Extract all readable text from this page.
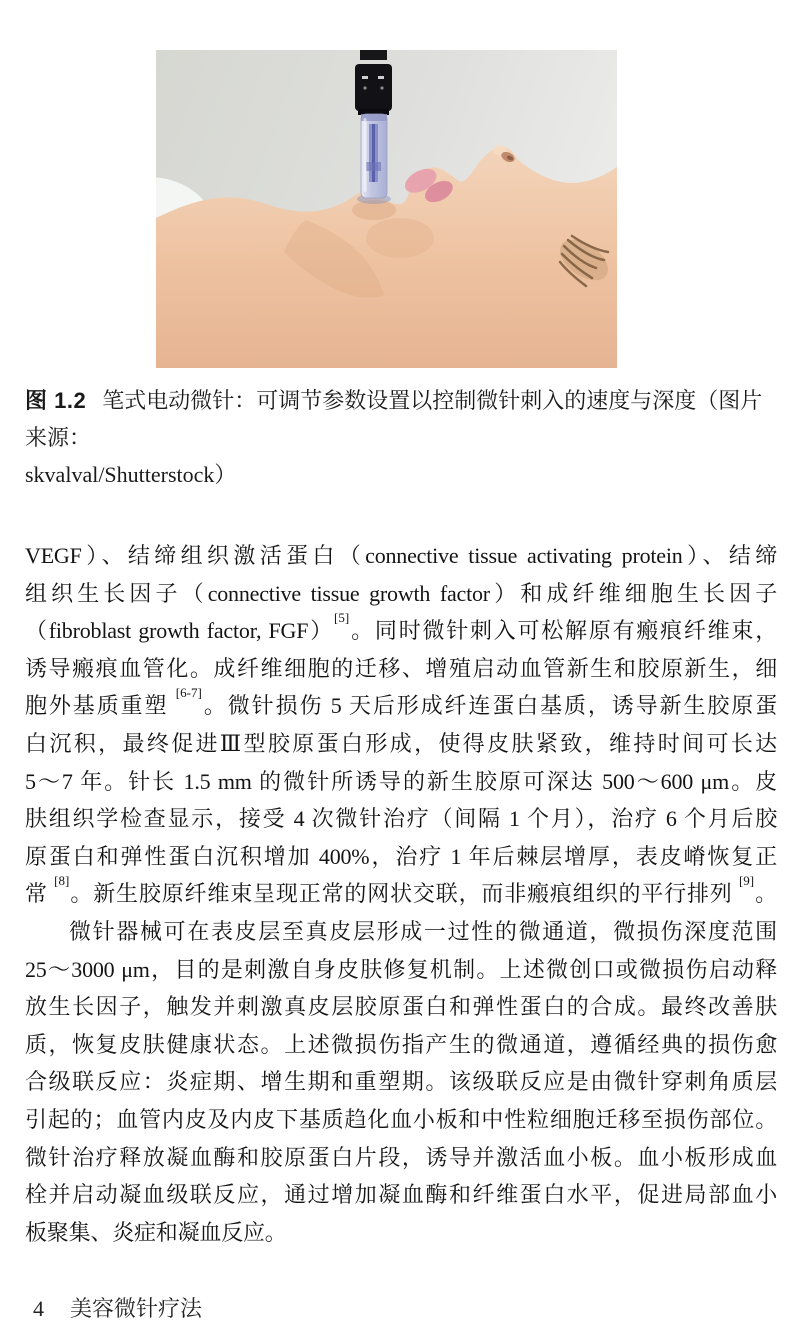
图 1.2 笔式电动微针：可调节参数设置以控制微针刺入的速度与深度（图片来源：
skvalval/Shutterstock）
VEGF）、结缔组织激活蛋白（connective tissue activating protein）、结缔
组织生长因子（connective tissue growth factor）和成纤维细胞生长因子
（fibroblast growth factor, FGF）[5]。同时微针刺入可松解原有瘢痕纤维束，
诱导瘢痕血管化。成纤维细胞的迁移、增殖启动血管新生和胶原新生，细
胞外基质重塑 [6-7]。微针损伤 5 天后形成纤连蛋白基质，诱导新生胶原蛋
白沉积，最终促进Ⅲ型胶原蛋白形成，使得皮肤紧致，维持时间可长达
5～7 年。针长 1.5 mm 的微针所诱导的新生胶原可深达 500～600 μm。皮
肤组织学检查显示，接受 4 次微针治疗（间隔 1 个月），治疗 6 个月后胶
原蛋白和弹性蛋白沉积增加 400%，治疗 1 年后棘层增厚，表皮嵴恢复正
常 [8]。新生胶原纤维束呈现正常的网状交联，而非瘢痕组织的平行排列 [9]。
微针器械可在表皮层至真皮层形成一过性的微通道，微损伤深度范围
25～3000 μm，目的是刺激自身皮肤修复机制。上述微创口或微损伤启动释
放生长因子，触发并刺激真皮层胶原蛋白和弹性蛋白的合成。最终改善肤
质，恢复皮肤健康状态。上述微损伤指产生的微通道，遵循经典的损伤愈
合级联反应：炎症期、增生期和重塑期。该级联反应是由微针穿刺角质层
引起的；血管内皮及内皮下基质趋化血小板和中性粒细胞迁移至损伤部位。
微针治疗释放凝血酶和胶原蛋白片段，诱导并激活血小板。血小板形成血
栓并启动凝血级联反应，通过增加凝血酶和纤维蛋白水平，促进局部血小
板聚集、炎症和凝血反应。
4 美容微针疗法
